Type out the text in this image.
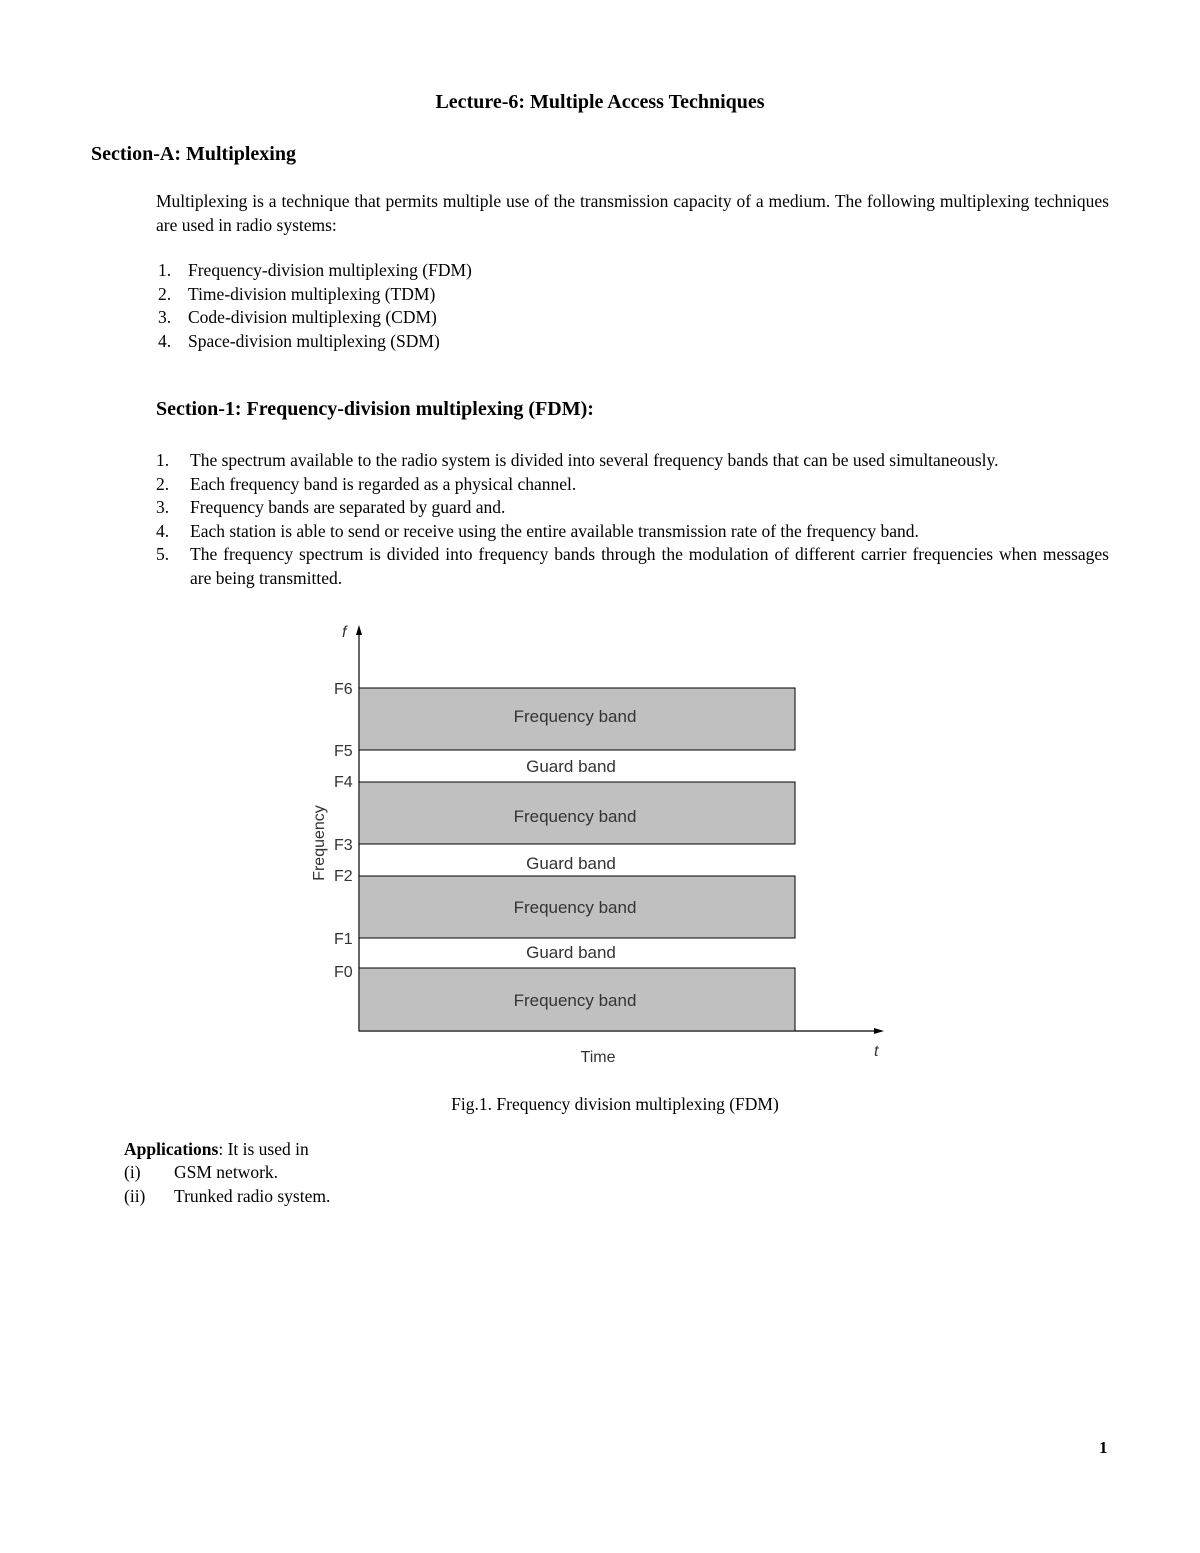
Lecture-6: Multiple Access Techniques
Section-A: Multiplexing
Multiplexing is a technique that permits multiple use of the transmission capacity of a medium. The following multiplexing techniques are used in radio systems:
1. Frequency-division multiplexing (FDM)
2. Time-division multiplexing (TDM)
3. Code-division multiplexing (CDM)
4. Space-division multiplexing (SDM)
Section-1: Frequency-division multiplexing (FDM):
1. The spectrum available to the radio system is divided into several frequency bands that can be used simultaneously.
2. Each frequency band is regarded as a physical channel.
3. Frequency bands are separated by guard and.
4. Each station is able to send or receive using the entire available transmission rate of the frequency band.
5. The frequency spectrum is divided into frequency bands through the modulation of different carrier frequencies when messages are being transmitted.
Frequency band
Guard band
Frequency band
Guard band
Frequency band
Guard band
Frequency band
F6
F5
F4
F3
F2
F1
F0
f
t
Time
Frequency
Fig.1. Frequency division multiplexing (FDM)
Applications: It is used in
(i) GSM network.
(ii) Trunked radio system.
1
